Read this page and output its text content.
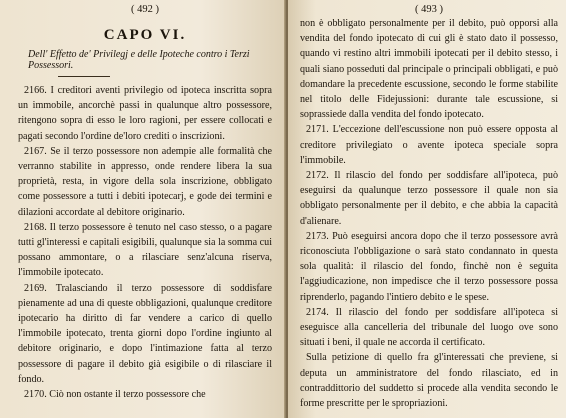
( 492 )
CAPO VI.
Dell' Effetto de' Privilegj e delle Ipoteche contro i Terzi Possessori.

2166. I creditori aventi privilegio od ipoteca inscritta sopra un immobile, ancorchè passi in qualunque altro possessore, ritengono sopra di esso le loro ragioni, per essere collocati e pagati secondo l'ordine de'loro crediti o inscrizioni.

2167. Se il terzo possessore non adempie alle formalità che verranno stabilite in appresso, onde rendere libera la sua proprietà, resta, in vigore della sola inscrizione, obbligato come possessore a tutti i debiti ipotecarj, e gode dei termini e dilazioni accordate al debitore originario.

2168. Il terzo possessore è tenuto nel caso stesso, o a pagare tutti gl'interessi e capitali esigibili, qualunque sia la somma cui possano ammontare, o a rilasciare senz'alcuna riserva, l'immobile ipotecato.

2169. Tralasciando il terzo possessore di soddisfare pienamente ad una di queste obbligazioni, qualunque creditore ipotecario ha diritto di far vendere a carico di quello l'immobile ipotecato, trenta giorni dopo l'ordine ingiunto al debitore originario, e dopo l'intimazione fatta al terzo possessore di pagare il debito già esigibile o di rilasciare il fondo.

2170. Ciò non ostante il terzo possessore che

( 493 )

non è obbligato personalmente per il debito, può opporsi alla vendita del fondo ipotecato di cui gli è stato dato il possesso, quando vi restino altri immobili ipotecati per il debito stesso, i quali siano posseduti dal principale o principali obbligati, e può domandare la precedente escussione, secondo le forme stabilite nel titolo delle Fidejussioni: durante tale escussione, si soprassiede dalla vendita del fondo ipotecato.

2171. L'eccezione dell'escussione non può essere opposta al creditore privilegiato o avente ipoteca speciale sopra l'immobile.

2172. Il rilascio del fondo per soddisfare all'ipoteca, può eseguirsi da qualunque terzo possessore il quale non sia obbligato personalmente per il debito, e che abbia la capacità d'alienare.

2173. Può eseguirsi ancora dopo che il terzo possessore avrà riconosciuta l'obbligazione o sarà stato condannato in questa sola qualità: il rilascio del fondo, finchè non è seguita l'aggiudicazione, non impedisce che il terzo possessore possa riprenderlo, pagando l'intiero debito e le spese.

2174. Il rilascio del fondo per soddisfare all'ipoteca si eseguisce alla cancelleria del tribunale del luogo ove sono situati i beni, il quale ne accorda il certificato.

Sulla petizione di quello fra gl'interessati che previene, si deputa un amministratore del fondo rilasciato, ed in contraddittorio del suddetto si procede alla vendita secondo le forme prescritte per le spropriazioni.
